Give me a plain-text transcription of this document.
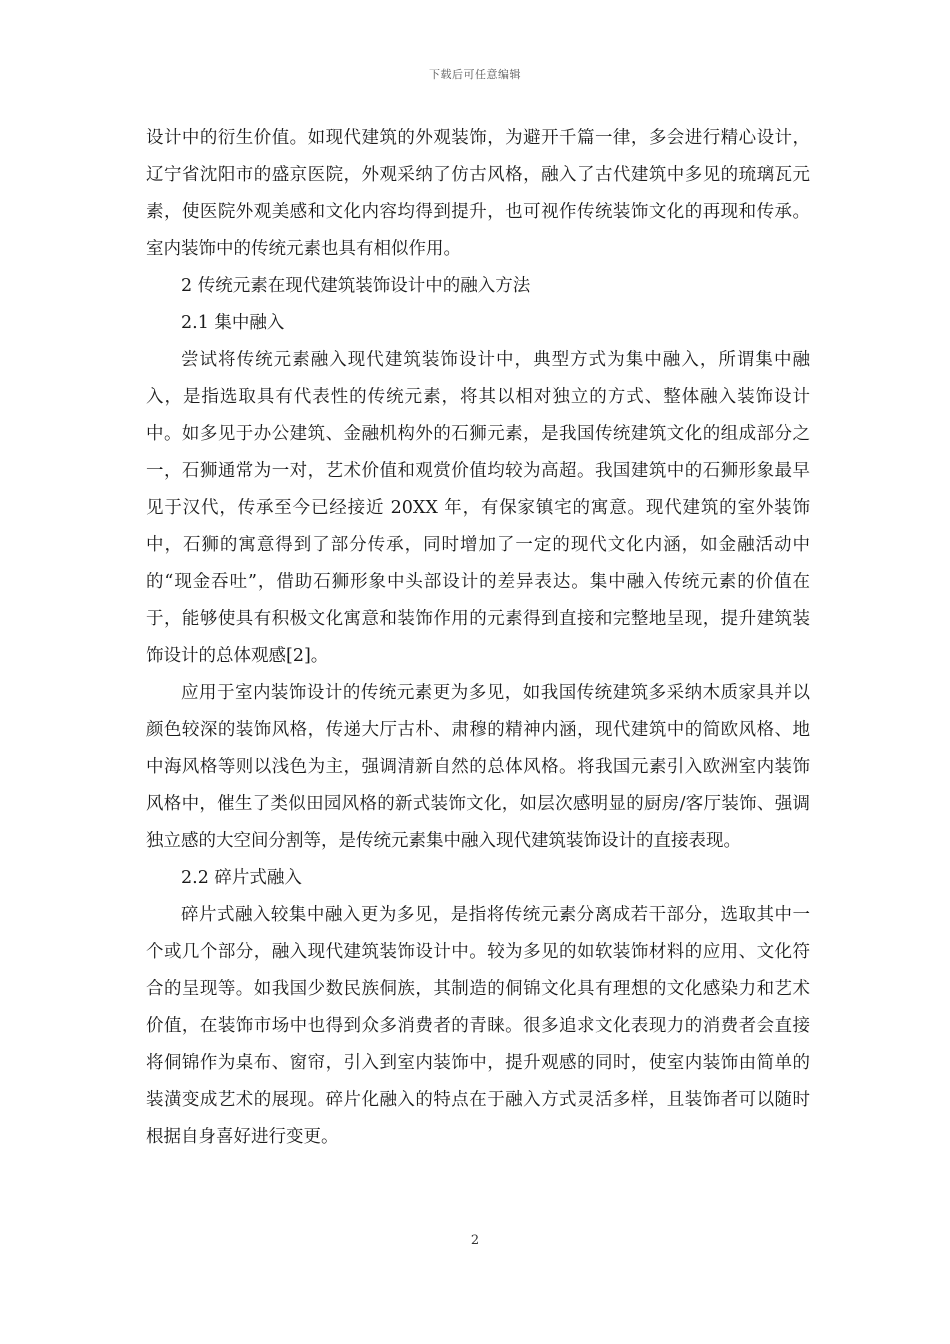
下载后可任意编辑

设计中的衍生价值。如现代建筑的外观装饰，为避开千篇一律，多会进行精心设计，辽宁省沈阳市的盛京医院，外观采纳了仿古风格，融入了古代建筑中多见的琉璃瓦元素，使医院外观美感和文化内容均得到提升，也可视作传统装饰文化的再现和传承。室内装饰中的传统元素也具有相似作用。

2 传统元素在现代建筑装饰设计中的融入方法

2.1 集中融入

尝试将传统元素融入现代建筑装饰设计中，典型方式为集中融入，所谓集中融入，是指选取具有代表性的传统元素，将其以相对独立的方式、整体融入装饰设计中。如多见于办公建筑、金融机构外的石狮元素，是我国传统建筑文化的组成部分之一，石狮通常为一对，艺术价值和观赏价值均较为高超。我国建筑中的石狮形象最早见于汉代，传承至今已经接近 20XX 年，有保家镇宅的寓意。现代建筑的室外装饰中，石狮的寓意得到了部分传承，同时增加了一定的现代文化内涵，如金融活动中的“现金吞吐”，借助石狮形象中头部设计的差异表达。集中融入传统元素的价值在于，能够使具有积极文化寓意和装饰作用的元素得到直接和完整地呈现，提升建筑装饰设计的总体观感[2]。

应用于室内装饰设计的传统元素更为多见，如我国传统建筑多采纳木质家具并以颜色较深的装饰风格，传递大厅古朴、肃穆的精神内涵，现代建筑中的简欧风格、地中海风格等则以浅色为主，强调清新自然的总体风格。将我国元素引入欧洲室内装饰风格中，催生了类似田园风格的新式装饰文化，如层次感明显的厨房/客厅装饰、强调独立感的大空间分割等，是传统元素集中融入现代建筑装饰设计的直接表现。

2.2 碎片式融入

碎片式融入较集中融入更为多见，是指将传统元素分离成若干部分，选取其中一个或几个部分，融入现代建筑装饰设计中。较为多见的如软装饰材料的应用、文化符合的呈现等。如我国少数民族侗族，其制造的侗锦文化具有理想的文化感染力和艺术价值，在装饰市场中也得到众多消费者的青睐。很多追求文化表现力的消费者会直接将侗锦作为桌布、窗帘，引入到室内装饰中，提升观感的同时，使室内装饰由简单的装潢变成艺术的展现。碎片化融入的特点在于融入方式灵活多样，且装饰者可以随时根据自身喜好进行变更。

2
